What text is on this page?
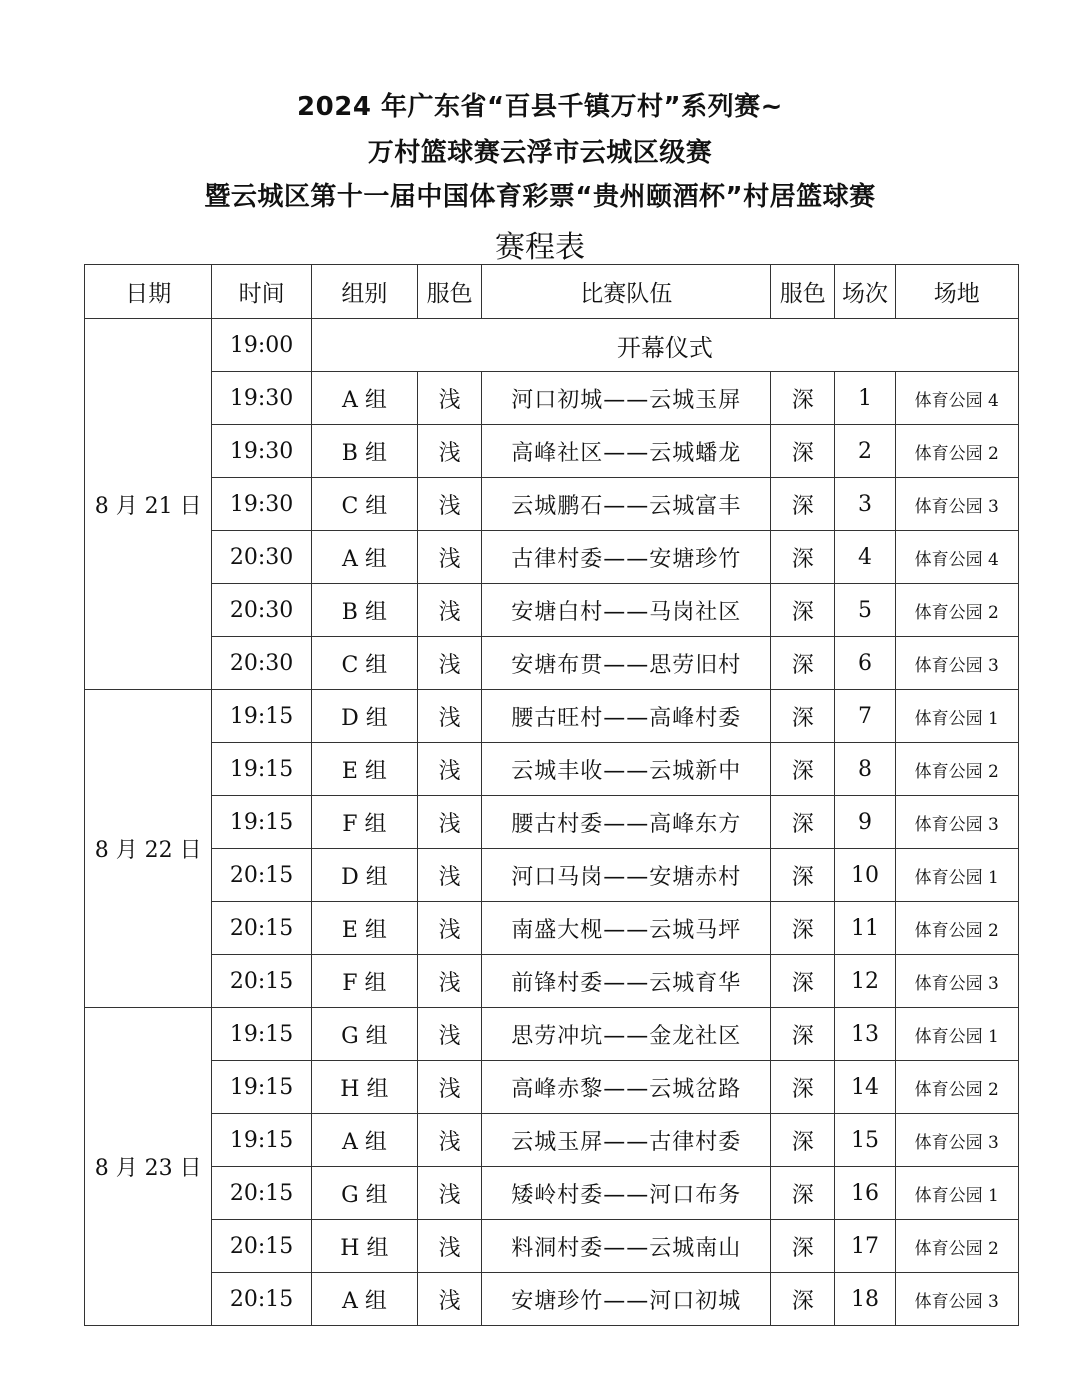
2024 年广东省“百县千镇万村”系列赛~
万村篮球赛云浮市云城区级赛
暨云城区第十一届中国体育彩票“贵州颐酒杯”村居篮球赛
赛程表
日期	时间	组别	服色	比赛队伍	服色	场次	场地
8 月 21 日	19:00	开幕仪式					
	19:30	A 组	浅	河口初城——云城玉屏	深	1	体育公园 4
	19:30	B 组	浅	高峰社区——云城蟠龙	深	2	体育公园 2
	19:30	C 组	浅	云城鹏石——云城富丰	深	3	体育公园 3
	20:30	A 组	浅	古律村委——安塘珍竹	深	4	体育公园 4
	20:30	B 组	浅	安塘白村——马岗社区	深	5	体育公园 2
	20:30	C 组	浅	安塘布贯——思劳旧村	深	6	体育公园 3
8 月 22 日	19:15	D 组	浅	腰古旺村——高峰村委	深	7	体育公园 1
	19:15	E 组	浅	云城丰收——云城新中	深	8	体育公园 2
	19:15	F 组	浅	腰古村委——高峰东方	深	9	体育公园 3
	20:15	D 组	浅	河口马岗——安塘赤村	深	10	体育公园 1
	20:15	E 组	浅	南盛大枧——云城马坪	深	11	体育公园 2
	20:15	F 组	浅	前锋村委——云城育华	深	12	体育公园 3
8 月 23 日	19:15	G 组	浅	思劳冲坑——金龙社区	深	13	体育公园 1
	19:15	H 组	浅	高峰赤黎——云城岔路	深	14	体育公园 2
	19:15	A 组	浅	云城玉屏——古律村委	深	15	体育公园 3
	20:15	G 组	浅	矮岭村委——河口布务	深	16	体育公园 1
	20:15	H 组	浅	料洞村委——云城南山	深	17	体育公园 2
	20:15	A 组	浅	安塘珍竹——河口初城	深	18	体育公园 3
